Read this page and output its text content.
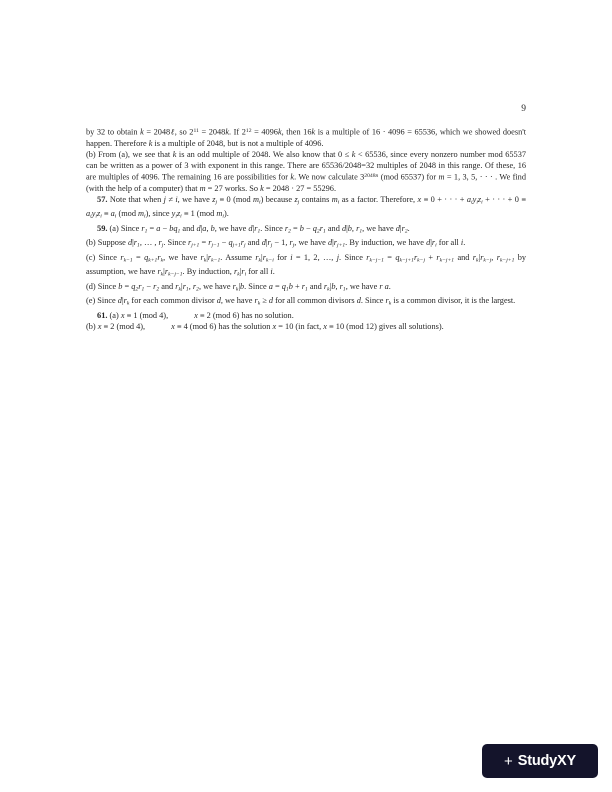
9

by 32 to obtain k = 2048ℓ, so $2^{11} = 2048k$. If $2^{12} = 4096k$, then 16k is a multiple of 16 · 4096 = 65536, which we showed doesn't happen. Therefore k is a multiple of 2048, but is not a multiple of 4096.

(b) From (a), we see that k is an odd multiple of 2048. We also know that 0 ≤ k < 65536, since every nonzero number mod 65537 can be written as a power of 3 with exponent in this range. There are 65536/2048=32 multiples of 2048 in this range. Of these, 16 are multiples of 4096. The remaining 16 are possibilities for k. We now calculate $3^{2048n}$ (mod 65537) for m = 1, 3, 5, · · · . We find (with the help of a computer) that m = 27 works. So k = 2048 · 27 = 55296.

57. Note that when j ≠ i, we have $z_j \equiv 0$ (mod $m_i$) because $z_j$ contains $m_i$ as a factor. Therefore, x ≡ 0 + · · · + $a_iy_iz_i$ + · · · + $0 \equiv a_iy_iz_i \equiv a_i$ (mod $m_i$), since $y_iz_i \equiv 1$ (mod $m_i$).

59. (a) Since $r_1 = a - bq_1$ and d|a, b, we have $d|r_1$. Since $r_2 = b - q_2r_1$ and d|b, $r_1$, we have $d|r_2$.

(b) Suppose $d|r_1$, … , $r_j$. Since $r_{j+1} = r_{j-1} - q_{j+1}r_j$ and $d|r_j - 1$, $r_j$, we have $d|r_{j+1}$. By induction, we have $d|r_i$ for all i.

(c) Since $r_{k-1} = q_{k+1}r_k$, we have $r_k|r_{k-1}$. Assume $r_k|r_{k-i}$ for i = 1, 2, …, j. Since $r_{k-j-1} = q_{k-j+1}r_{k-j} + r_{k-j+1}$ and $r_k|r_{k-j}$, $r_{k-j+1}$ by assumption, we have $r_k|r_{k-j-1}$. By induction, $r_k|r_i$ for all i.

(d) Since $b = q_2r_1 - r_2$ and $r_k|r_1$, $r_2$, we have $r_k|b$. Since $a = q_1b + r_1$ and $r_k|b$, $r_1$, we have r a.

(e) Since $d|r_k$ for each common divisor d, we have $r_k \ge d$ for all common divisors d. Since $r_k$ is a common divisor, it is the largest.

61. (a) x ≡ 1 (mod 4),	x ≡ 2 (mod 6) has no solution.

(b) x ≡ 2 (mod 4),	x ≡ 4 (mod 6) has the solution x = 10 (in fact, x ≡ 10 (mod 12) gives all solutions).

+ StudyXY
